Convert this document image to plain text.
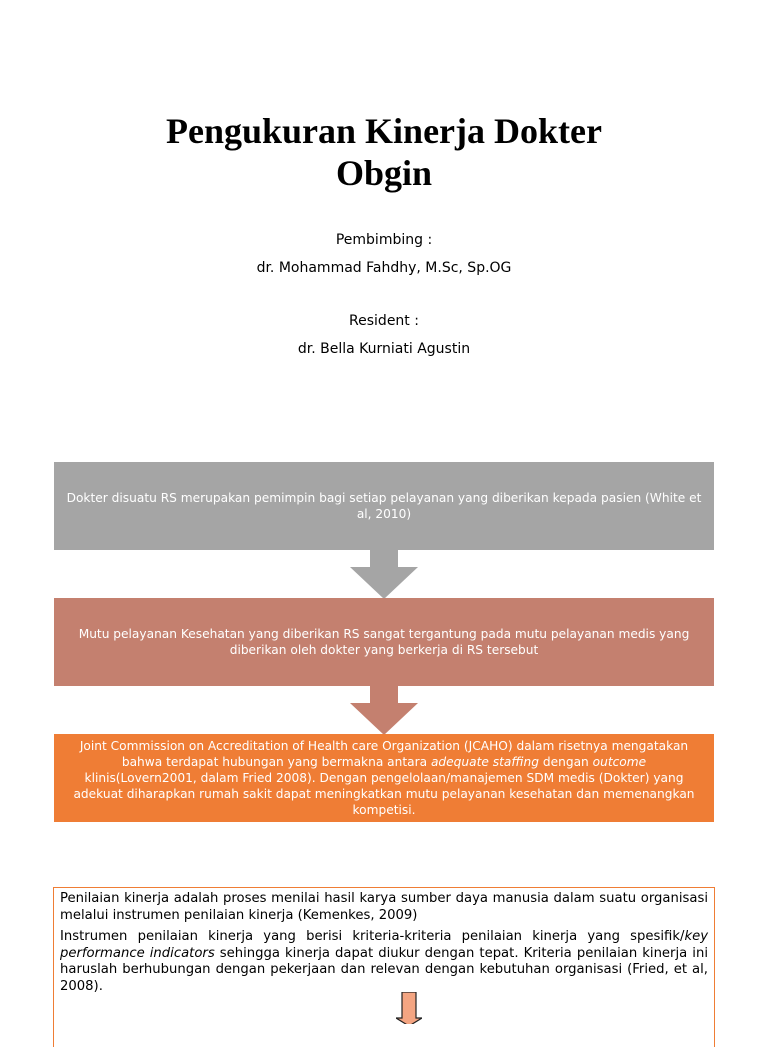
Pengukuran Kinerja Dokter
Obgin
Pembimbing :
dr. Mohammad Fahdhy, M.Sc, Sp.OG
Resident :
dr. Bella Kurniati Agustin
Dokter disuatu RS merupakan pemimpin bagi setiap pelayanan yang diberikan kepada pasien (White et al, 2010)
Mutu pelayanan Kesehatan yang diberikan RS sangat tergantung pada mutu pelayanan medis yang diberikan oleh dokter yang berkerja di RS tersebut
Joint Commission on Accreditation of Health care Organization (JCAHO) dalam risetnya mengatakan bahwa terdapat hubungan yang bermakna antara adequate staffing dengan outcome klinis(Lovern2001, dalam Fried 2008). Dengan pengelolaan/manajemen SDM medis (Dokter) yang adekuat diharapkan rumah sakit dapat meningkatkan mutu pelayanan kesehatan dan memenangkan kompetisi.

Penilaian kinerja adalah proses menilai hasil karya sumber daya manusia dalam suatu organisasi melalui instrumen penilaian kinerja (Kemenkes, 2009)

Instrumen penilaian kinerja yang berisi kriteria-kriteria penilaian kinerja yang spesifik/key performance indicators sehingga kinerja dapat diukur dengan tepat. Kriteria penilaian kinerja ini haruslah berhubungan dengan pekerjaan dan relevan dengan kebutuhan organisasi (Fried, et al, 2008).
